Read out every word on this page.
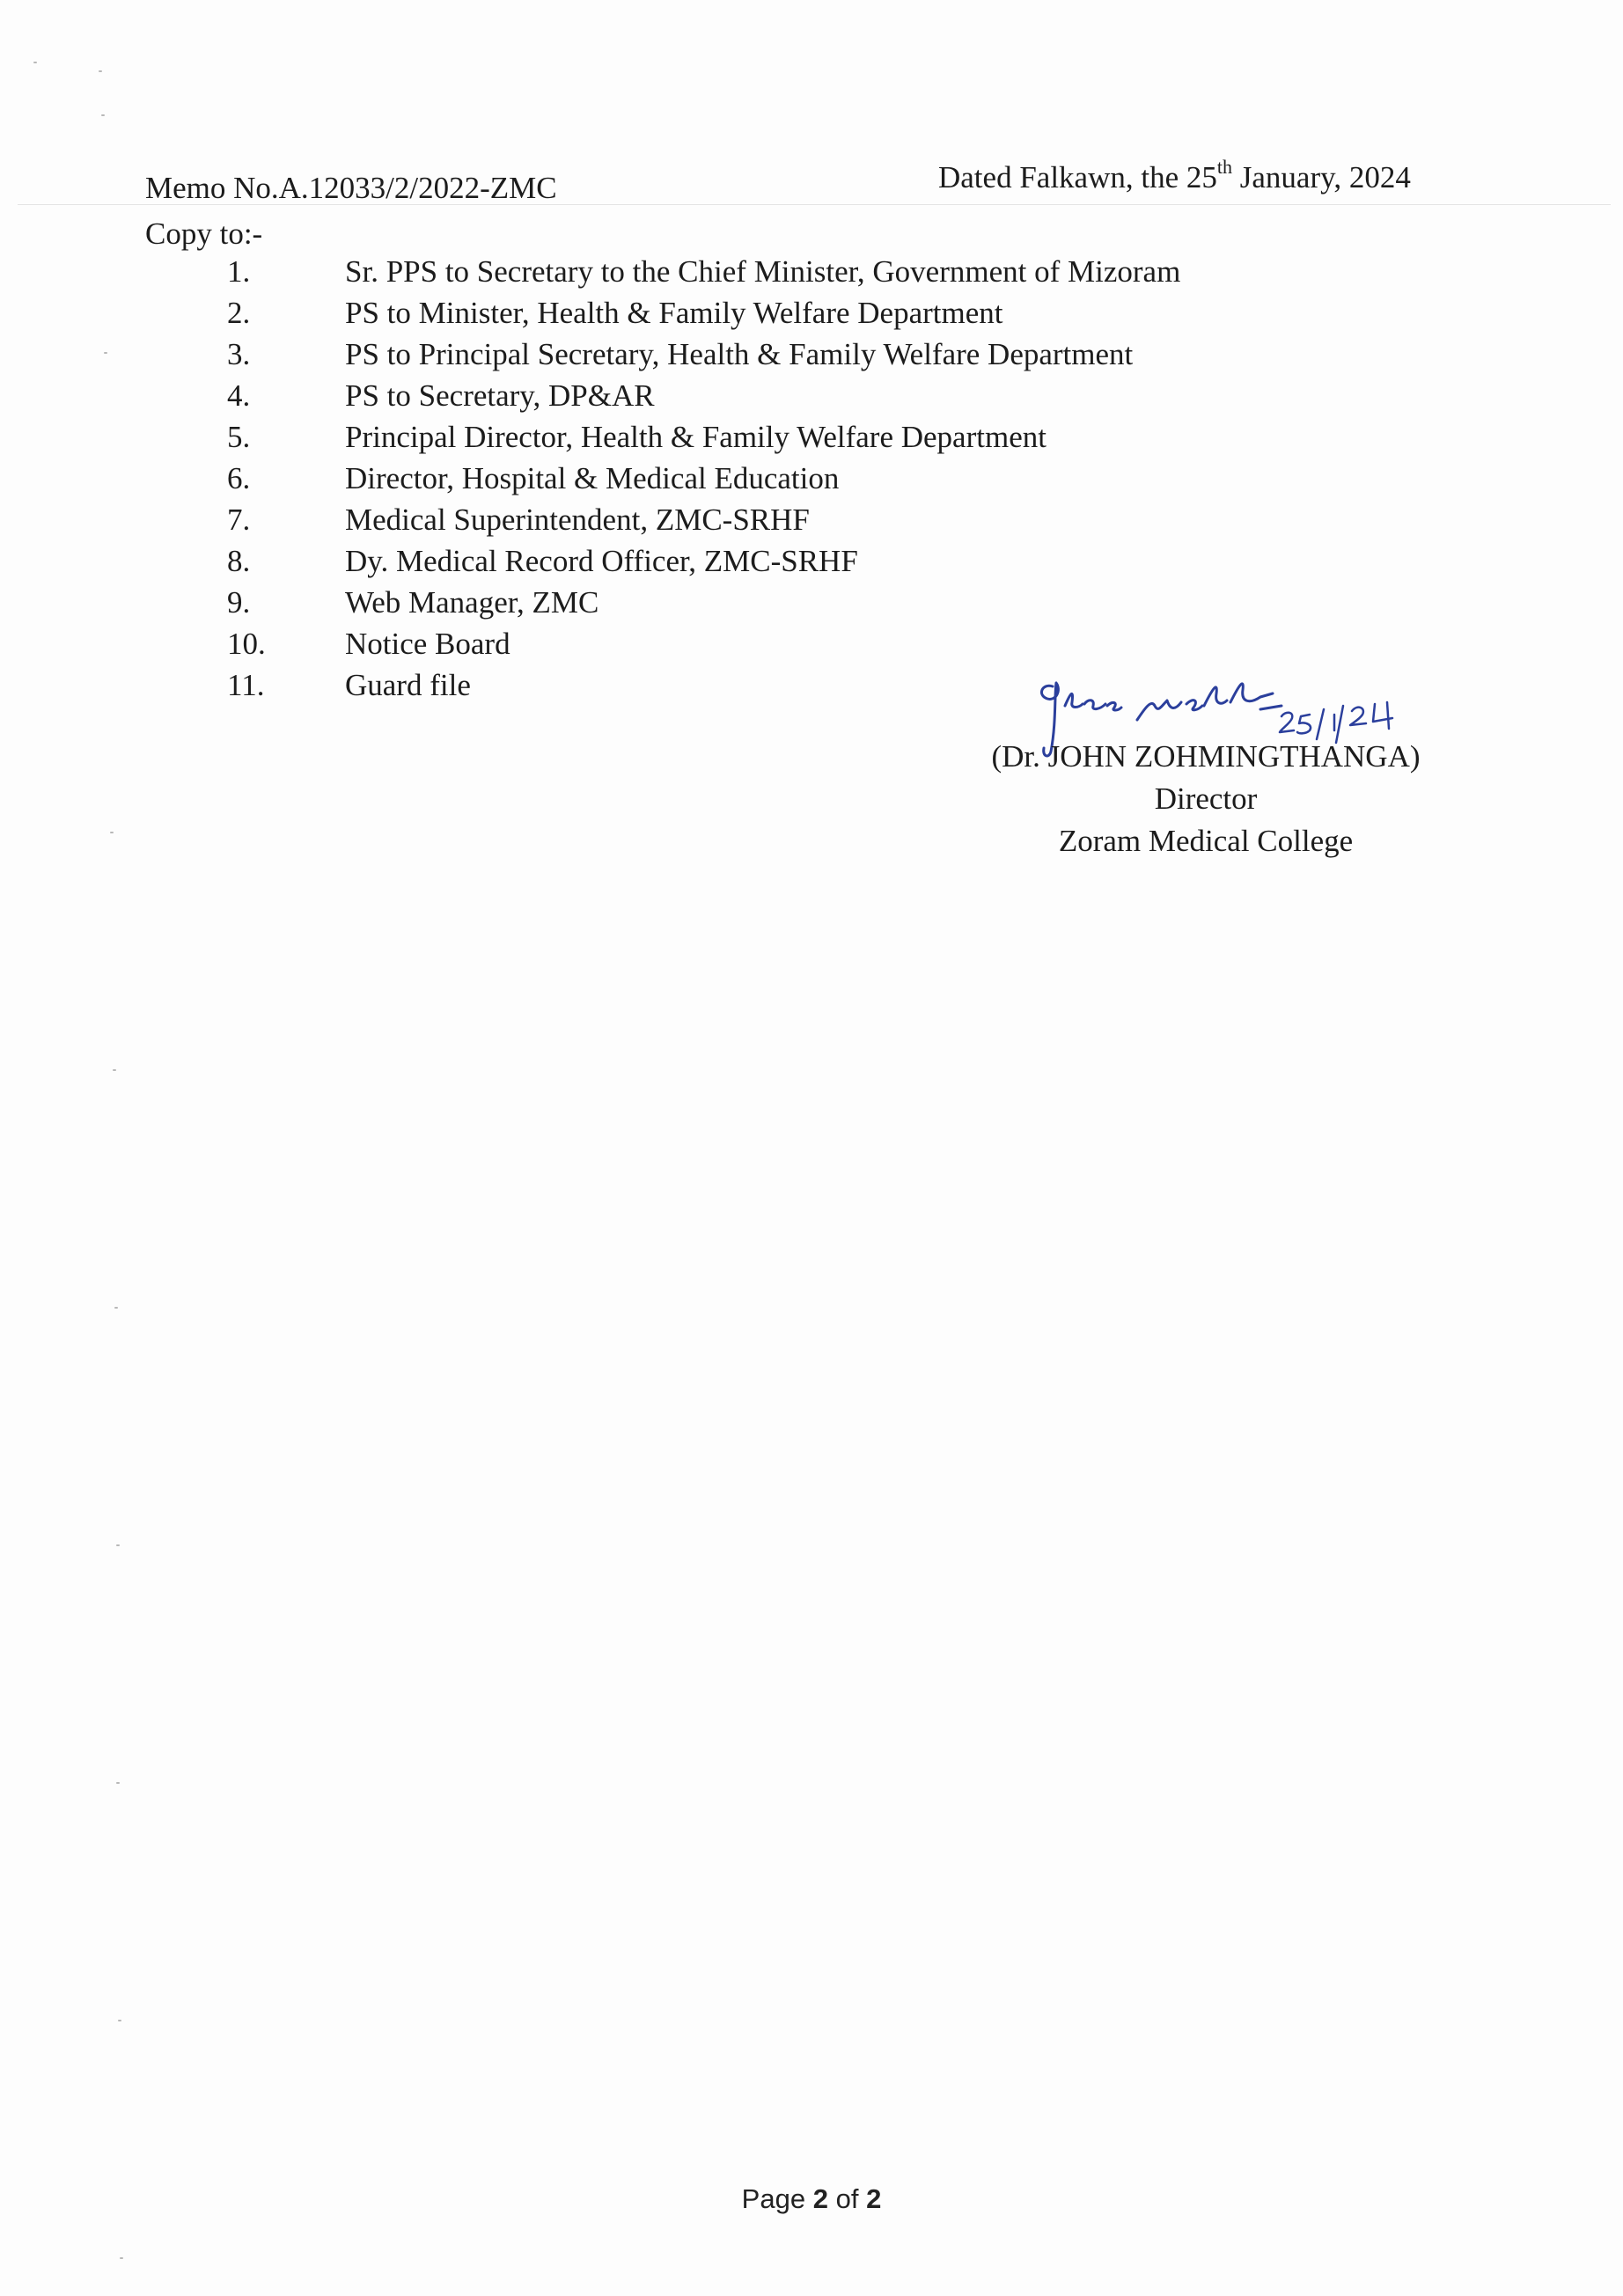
Memo No.A.12033/2/2022-ZMC	Dated Falkawn, the 25th January, 2024
Copy to:-
1.	Sr. PPS to Secretary to the Chief Minister, Government of Mizoram
2.	PS to Minister, Health & Family Welfare Department
3.	PS to Principal Secretary, Health & Family Welfare Department
4.	PS to Secretary, DP&AR
5.	Principal Director, Health & Family Welfare Department
6.	Director, Hospital & Medical Education
7.	Medical Superintendent, ZMC-SRHF
8.	Dy. Medical Record Officer, ZMC-SRHF
9.	Web Manager, ZMC
10.	Notice Board
11.	Guard file
(Dr. JOHN ZOHMINGTHANGA)
Director
Zoram Medical College
Page 2 of 2
